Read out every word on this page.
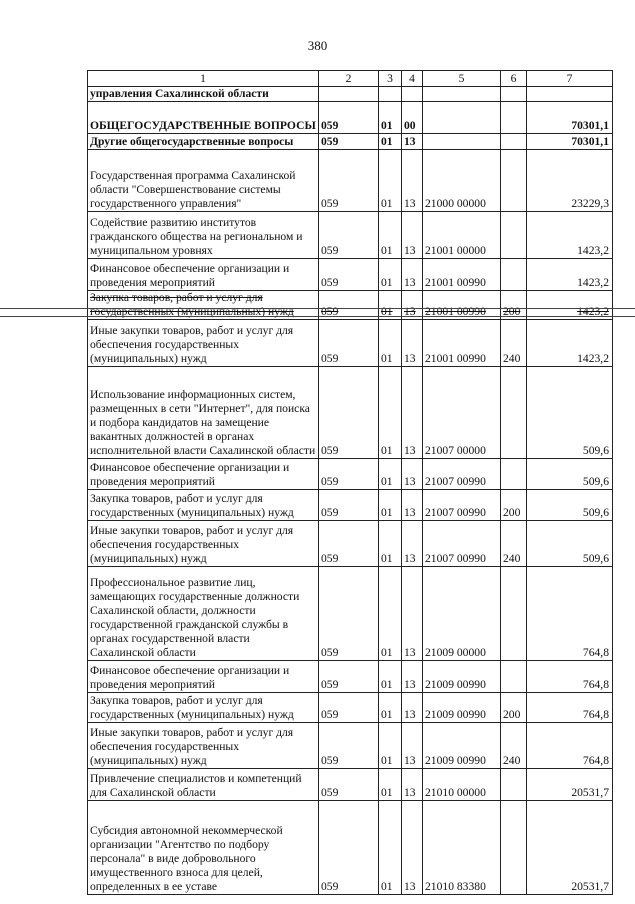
380
1	2	3	4	5	6	7
управления Сахалинской области						
ОБЩЕГОСУДАРСТВЕННЫЕ ВОПРОСЫ	059	01	00			70301,1
Другие общегосударственные вопросы	059	01	13			70301,1
Государственная программа Сахалинской области "Совершенствование системы государственного управления"	059	01	13	21000 00000		23229,3
Содействие развитию институтов гражданского общества на региональном и муниципальном уровнях	059	01	13	21001 00000		1423,2
Финансовое обеспечение организации и проведения мероприятий	059	01	13	21001 00990		1423,2
Закупка товаров, работ и услуг для государственных (муниципальных) нужд	059	01	13	21001 00990	200	1423,2
Иные закупки товаров, работ и услуг для обеспечения государственных (муниципальных) нужд	059	01	13	21001 00990	240	1423,2
Использование информационных систем, размещенных в сети "Интернет", для поиска и подбора кандидатов на замещение вакантных должностей в органах исполнительной власти Сахалинской области	059	01	13	21007 00000		509,6
Финансовое обеспечение организации и проведения мероприятий	059	01	13	21007 00990		509,6
Закупка товаров, работ и услуг для государственных (муниципальных) нужд	059	01	13	21007 00990	200	509,6
Иные закупки товаров, работ и услуг для обеспечения государственных (муниципальных) нужд	059	01	13	21007 00990	240	509,6
Профессиональное развитие лиц, замещающих государственные должности Сахалинской области, должности государственной гражданской службы в органах государственной власти Сахалинской области	059	01	13	21009 00000		764,8
Финансовое обеспечение организации и проведения мероприятий	059	01	13	21009 00990		764,8
Закупка товаров, работ и услуг для государственных (муниципальных) нужд	059	01	13	21009 00990	200	764,8
Иные закупки товаров, работ и услуг для обеспечения государственных (муниципальных) нужд	059	01	13	21009 00990	240	764,8
Привлечение специалистов и компетенций для Сахалинской области	059	01	13	21010 00000		20531,7
Субсидия автономной некоммерческой организации "Агентство по подбору персонала" в виде добровольного имущественного взноса для целей, определенных в ее уставе	059	01	13	21010 83380		20531,7
